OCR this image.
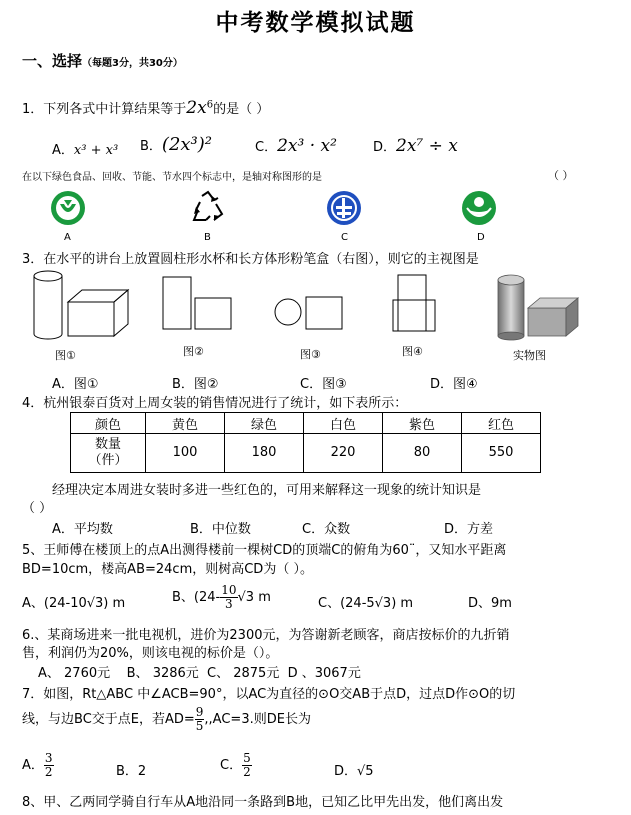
中考数学模拟试题
一、选择（每题3分，共30分）
1．下列各式中计算结果等于$2x^6$的是（ ）
A．x³ + x³ B．(2x³)²	C．2x³ · x²	D．2x⁷ ÷ x
在以下绿色食品、回收、节能、节水四个标志中，是轴对称图形的是	（ ）
A	B	C	D
3．在水平的讲台上放置圆柱形水杯和长方体形粉笔盒（右图），则它的主视图是
图①	图②	图③	图④	实物图
A．图①	B．图②	C．图③	D．图④
4．杭州银泰百货对上周女装的销售情况进行了统计，如下表所示：
颜色	黄色	绿色	白色	紫色	红色
数量
（件）	100	180	220	80	550
经理决定本周进女装时多进一些红色的，可用来解释这一现象的统计知识是
（ ）
A．平均数	B．中位数	C．众数	D．方差
5、王师傅在楼顶上的点A出测得楼前一棵树CD的顶端C的俯角为60¨，又知水平距离
BD=10cm，楼高AB=24cm，则树高CD为（ ）。
A、(24-10√3) m	B、($24- \frac{10}{3} √3$ m	C、(24-5√3) m	D、9m
6.、某商场进来一批电视机，进价为2300元，为答谢新老顾客，商店按标价的九折销
售，利润仍为20%，则该电视的标价是（）。
A、 2760元    B、 3286元  C、 2875元  D 、3067元
7．如图，Rt△ABC 中∠ACB=90°，以AC为直径的⊙O交AB于点D，过点D作⊙O的切
线，与边BC交于点E，若$AD= \frac{9}{5} ,,AC=3$.则DE长为
A． $\frac{3}{2}$	B．2	C． $\frac{5}{2}$	D．√5
8、甲、乙两同学骑自行车从A地沿同一条路到B地，已知乙比甲先出发，他们离出发
